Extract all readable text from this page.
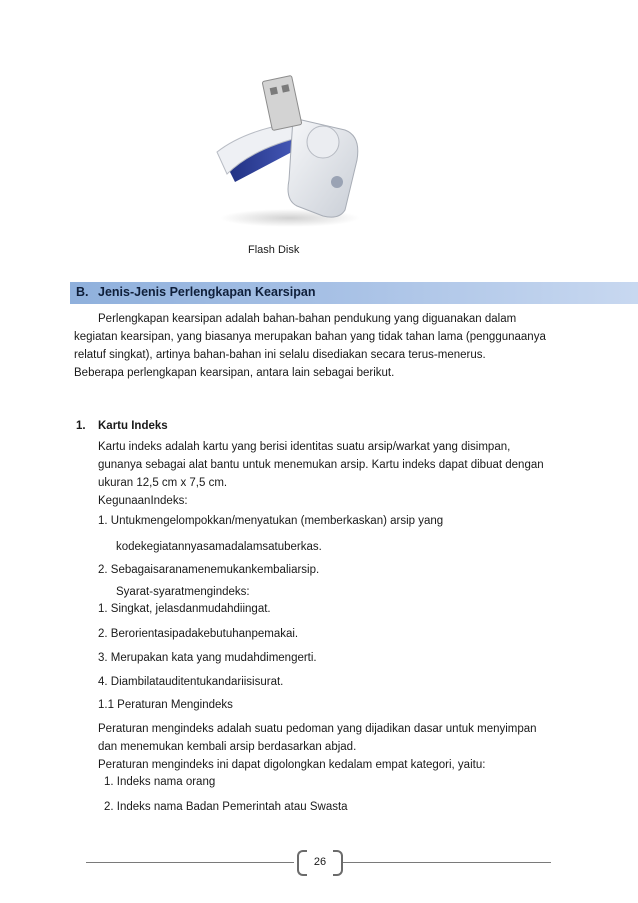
Flash Disk
B. Jenis-Jenis Perlengkapan Kearsipan
Perlengkapan kearsipan adalah bahan-bahan pendukung yang diguanakan dalam
kegiatan kearsipan, yang biasanya merupakan bahan yang tidak tahan lama (penggunaanya
relatuf singkat), artinya bahan-bahan ini selalu disediakan secara terus-menerus.
Beberapa perlengkapan kearsipan, antara lain sebagai berikut.
1. Kartu Indeks
Kartu indeks adalah kartu yang berisi identitas suatu arsip/warkat yang disimpan,
gunanya sebagai alat bantu untuk menemukan arsip. Kartu indeks dapat dibuat dengan
ukuran 12,5 cm x 7,5 cm.
KegunaanIndeks:
1. Untukmengelompokkan/menyatukan (memberkaskan) arsip yang
kodekegiatannyasamadalamsatuberkas.
2. Sebagaisaranamenemukankembaliarsip.
Syarat-syaratmengindeks:
1. Singkat, jelasdanmudahdiingat.
2. Berorientasipadakebutuhanpemakai.
3. Merupakan kata yang mudahdimengerti.
4. Diambilatauditentukandariisisurat.
1.1 Peraturan Mengindeks
Peraturan mengindeks adalah suatu pedoman yang dijadikan dasar untuk menyimpan
dan menemukan kembali arsip berdasarkan abjad.
Peraturan mengindeks ini dapat digolongkan kedalam empat kategori, yaitu:
1. Indeks nama orang
2. Indeks nama Badan Pemerintah atau Swasta
26
